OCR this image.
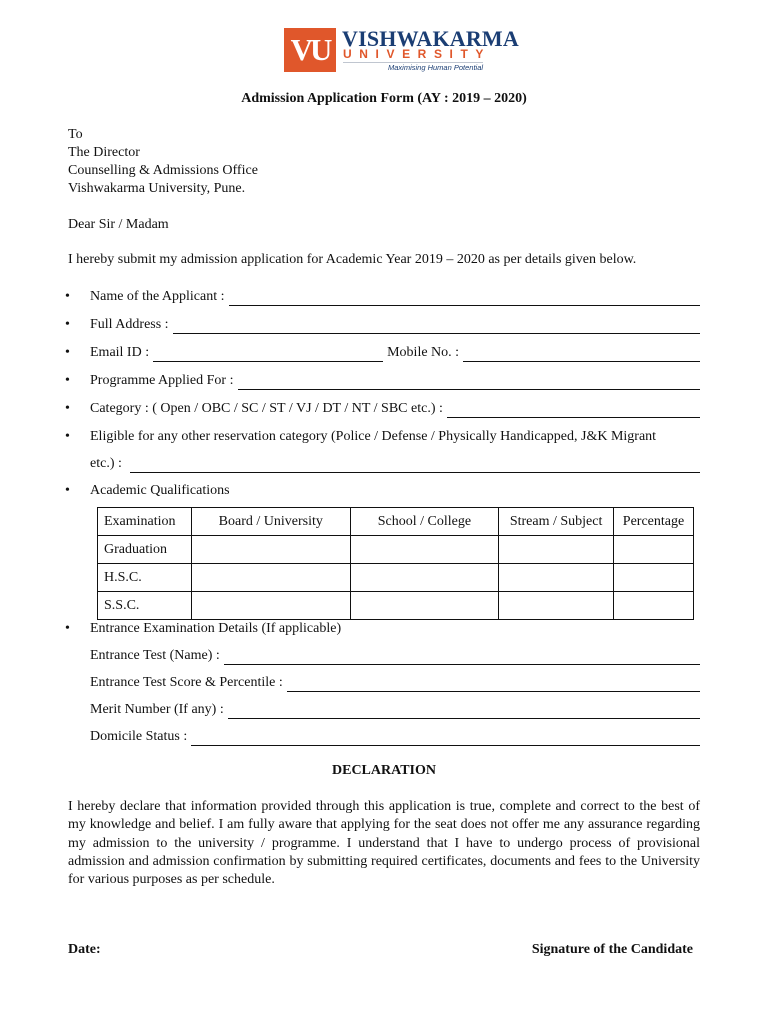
VU VISHWAKARMA
UNIVERSITY
Maximising Human Potential
Admission Application Form (AY : 2019 – 2020)
To
The Director
Counselling & Admissions Office
Vishwakarma University, Pune.
Dear Sir / Madam
I hereby submit my admission application for Academic Year 2019 – 2020 as per details given below.
• Name of the Applicant :
• Full Address :
• Email ID :	Mobile No. :
• Programme Applied For :
• Category : ( Open / OBC / SC / ST / VJ / DT / NT / SBC etc.) :
• Eligible for any other reservation category (Police / Defense / Physically Handicapped, J&K Migrant
etc.) :
• Academic Qualifications
Examination	Board / University	School / College	Stream / Subject	Percentage
Graduation				
H.S.C.				
S.S.C.				
• Entrance Examination Details (If applicable)
Entrance Test (Name) :
Entrance Test Score & Percentile :
Merit Number (If any) :
Domicile Status :
DECLARATION
I hereby declare that information provided through this application is true, complete and correct to the best of my knowledge and belief. I am fully aware that applying for the seat does not offer me any assurance regarding my admission to the university / programme. I understand that I have to undergo process of provisional admission and admission confirmation by submitting required certificates, documents and fees to the University for various purposes as per schedule.
Date:	Signature of the Candidate
